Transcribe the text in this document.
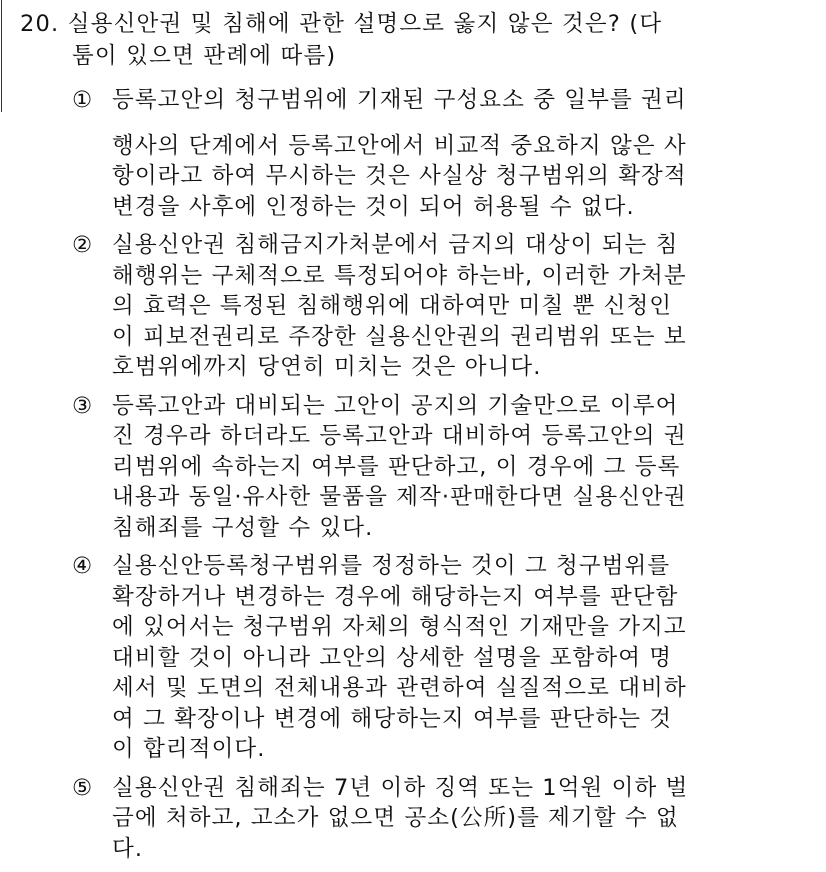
20. 실용신안권 및 침해에 관한 설명으로 옳지 않은 것은? (다
툼이 있으면 판례에 따름)
① 등록고안의 청구범위에 기재된 구성요소 중 일부를 권리
행사의 단계에서 등록고안에서 비교적 중요하지 않은 사
항이라고 하여 무시하는 것은 사실상 청구범위의 확장적
변경을 사후에 인정하는 것이 되어 허용될 수 없다.
② 실용신안권 침해금지가처분에서 금지의 대상이 되는 침
해행위는 구체적으로 특정되어야 하는바, 이러한 가처분
의 효력은 특정된 침해행위에 대하여만 미칠 뿐 신청인
이 피보전권리로 주장한 실용신안권의 권리범위 또는 보
호범위에까지 당연히 미치는 것은 아니다.
③ 등록고안과 대비되는 고안이 공지의 기술만으로 이루어
진 경우라 하더라도 등록고안과 대비하여 등록고안의 권
리범위에 속하는지 여부를 판단하고, 이 경우에 그 등록
내용과 동일·유사한 물품을 제작·판매한다면 실용신안권
침해죄를 구성할 수 있다.
④ 실용신안등록청구범위를 정정하는 것이 그 청구범위를
확장하거나 변경하는 경우에 해당하는지 여부를 판단함
에 있어서는 청구범위 자체의 형식적인 기재만을 가지고
대비할 것이 아니라 고안의 상세한 설명을 포함하여 명
세서 및 도면의 전체내용과 관련하여 실질적으로 대비하
여 그 확장이나 변경에 해당하는지 여부를 판단하는 것
이 합리적이다.
⑤ 실용신안권 침해죄는 7년 이하 징역 또는 1억원 이하 벌
금에 처하고, 고소가 없으면 공소(公所)를 제기할 수 없
다.
